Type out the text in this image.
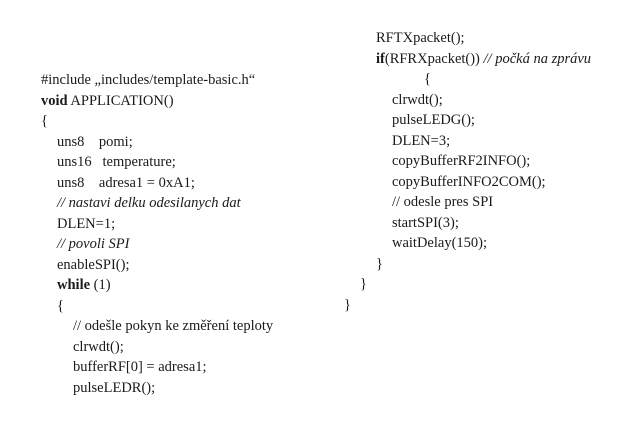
#include „includes/template-basic.h“
void APPLICATION()
{
uns8    pomi;
uns16   temperature;
uns8    adresa1 = 0xA1;
// nastavi delku odesilanych dat
DLEN=1;
// povoli SPI
enableSPI();
while (1)
{
// odešle pokyn ke změření teploty
clrwdt();
bufferRF[0] = adresa1;
pulseLEDR();
RFTXpacket();
if(RFRXpacket()) // počká na zprávu
{
clrwdt();
pulseLEDG();
DLEN=3;
copyBufferRF2INFO();
copyBufferINFO2COM();
// odesle pres SPI
startSPI(3);
waitDelay(150);
}
}
}
